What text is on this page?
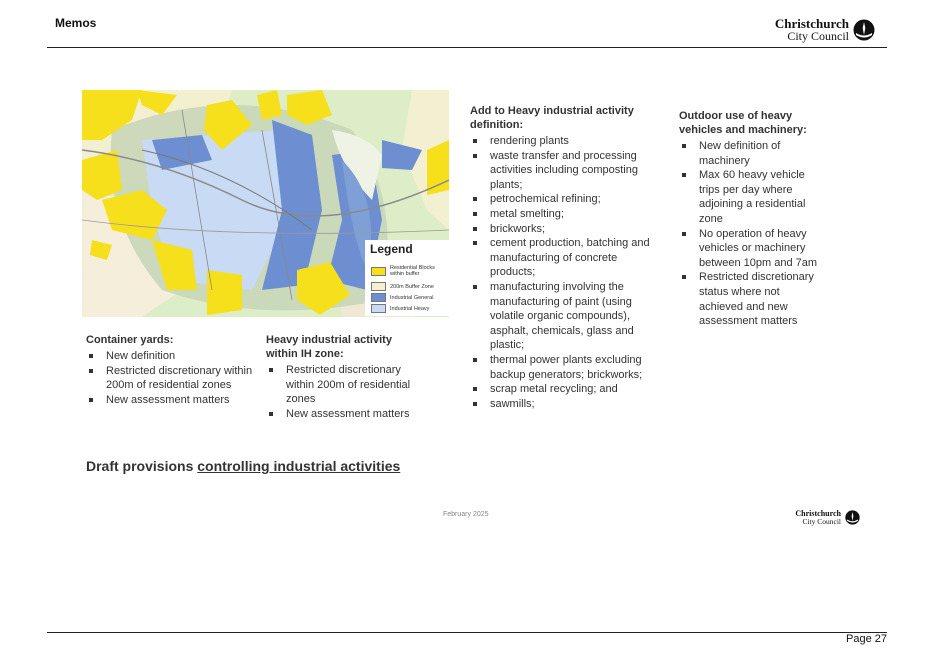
Memos	Christchurch
City Council
Legend
Residential Blocks within buffer
200m Buffer Zone
Industrial General
Industrial Heavy
Container yards:
New definition
Restricted discretionary within 200m of residential zones
New assessment matters
Heavy industrial activity within IH zone:
Restricted discretionary within 200m of residential zones
New assessment matters
Add to Heavy industrial activity definition:
rendering plants
waste transfer and processing activities including composting plants;
petrochemical refining;
metal smelting;
brickworks;
cement production, batching and manufacturing of concrete products;
manufacturing involving the manufacturing of paint (using volatile organic compounds), asphalt, chemicals, glass and plastic;
thermal power plants excluding backup generators; brickworks;
scrap metal recycling; and
sawmills;
Outdoor use of heavy vehicles and machinery:
New definition of machinery
Max 60 heavy vehicle trips per day where adjoining a residential zone
No operation of heavy vehicles or machinery between 10pm and 7am
Restricted discretionary status where not achieved and new assessment matters
Draft provisions controlling industrial activities
February 2025	Christchurch
City Council
Page 27
